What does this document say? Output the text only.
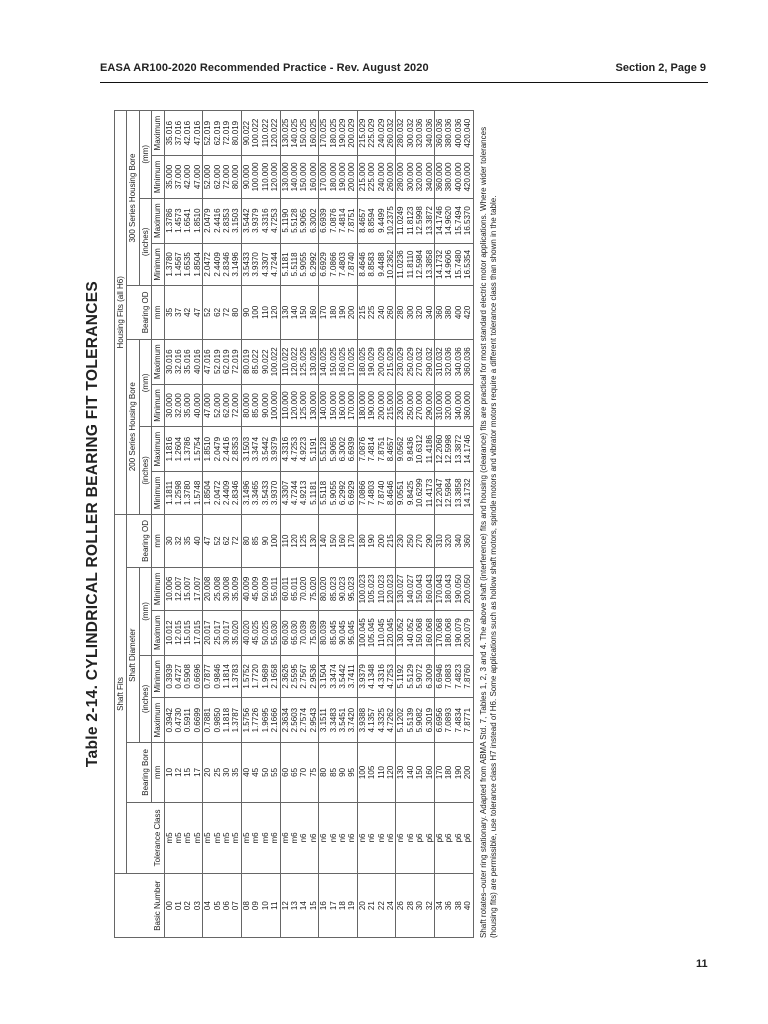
EASA AR100-2020 Recommended Practice - Rev. August 2020	Section 2, Page 9
Table 2-14. CYLINDRICAL ROLLER BEARING FIT TOLERANCES
Basic Number	Shaft Fits							Housing Fits (all H6)								
	Tolerance Class	Bearing Bore	Shaft Diameter				Bearing OD	200 Series Housing Bore				Bearing OD	300 Series Housing Bore			
			(inches)		(mm)			(inches)		(mm)			(inches)		(mm)	
		mm	Maximum	Minimum	Maximum	Minimum	mm	Minimum	Maximum	Minimum	Maximum	mm	Minimum	Maximum	Minimum	Maximum
00	m5	10	0.3942	0.3939	10.012	10.006	30	1.1811	1.1816	30.000	30.016	35	1.3780	1.3786	35.000	35.016
01	m5	12	0.4730	0.4727	12.015	12.007	32	1.2598	1.2604	32.000	32.016	37	1.4567	1.4573	37.000	37.016
02	m5	15	0.5911	0.5908	15.015	15.007	35	1.3780	1.3786	35.000	35.016	42	1.6535	1.6541	42.000	42.016
03	m5	17	0.6699	0.6696	17.015	17.007	40	1.5748	1.5754	40.000	40.016	47	1.8504	1.8510	47.000	47.016
04	m5	20	0.7881	0.7877	20.017	20.008	47	1.8504	1.8510	47.000	47.016	52	2.0472	2.0479	52.000	52.019
05	m5	25	0.9850	0.9846	25.017	25.008	52	2.0472	2.0479	52.000	52.019	62	2.4409	2.4416	62.000	62.019
06	m5	30	1.1818	1.1814	30.017	30.008	62	2.4409	2.4416	62.000	62.019	72	2.8346	2.8353	72.000	72.019
07	m5	35	1.3787	1.3783	35.020	35.009	72	2.8346	2.8353	72.000	72.019	80	3.1496	3.1503	80.000	80.019
08	m5	40	1.5756	1.5752	40.020	40.009	80	3.1496	3.1503	80.000	80.019	90	3.5433	3.5442	90.000	90.022
09	m6	45	1.7726	1.7720	45.025	45.009	85	3.3465	3.3474	85.000	85.022	100	3.9370	3.9379	100.000	100.022
10	m6	50	1.9695	1.9689	50.025	50.009	90	3.5433	3.5442	90.000	90.022	110	4.3307	4.3316	110.000	110.022
11	m6	55	2.1666	2.1658	55.030	55.011	100	3.9370	3.9379	100.000	100.022	120	4.7244	4.7253	120.000	120.022
12	m6	60	2.3634	2.3626	60.030	60.011	110	4.3307	4.3316	110.000	110.022	130	5.1181	5.1190	130.000	130.025
13	m6	65	2.5603	2.5595	65.030	65.011	120	4.7244	4.7253	120.000	120.022	140	5.5118	5.5128	140.000	140.025
14	n6	70	2.7574	2.7567	70.039	70.020	125	4.9213	4.9223	125.000	125.025	150	5.9055	5.9065	150.000	150.025
15	n6	75	2.9543	2.9536	75.039	75.020	130	5.1181	5.1191	130.000	130.025	160	6.2992	6.3002	160.000	160.025
16	n6	80	3.1511	3.1504	80.039	80.020	140	5.5118	5.5128	140.000	140.025	170	6.6929	6.6939	170.000	170.025
17	n6	85	3.3483	3.3474	85.045	85.023	150	5.9055	5.9065	150.000	150.025	180	7.0866	7.0876	180.000	180.025
18	n6	90	3.5451	3.5442	90.045	90.023	160	6.2992	6.3002	160.000	160.025	190	7.4803	7.4814	190.000	190.029
19	n6	95	3.7420	3.7411	95.045	95.023	170	6.6929	6.6939	170.000	170.025	200	7.8740	7.8751	200.000	200.029
20	n6	100	3.9388	3.9379	100.045	100.023	180	7.0866	7.0876	180.000	180.025	215	8.4646	8.4657	215.000	215.029
21	n6	105	4.1357	4.1348	105.045	105.023	190	7.4803	7.4814	190.000	190.029	225	8.8583	8.8594	225.000	225.029
22	n6	110	4.3325	4.3316	110.045	110.023	200	7.8740	7.8751	200.000	200.029	240	9.4488	9.4499	240.000	240.029
24	n6	120	4.7262	4.7253	120.045	120.023	215	8.4646	8.4657	215.000	215.029	260	10.2362	10.2375	260.000	260.032
26	n6	130	5.1202	5.1192	130.052	130.027	230	9.0551	9.0562	230.000	230.029	280	11.0236	11.0249	280.000	280.032
28	n6	140	5.5139	5.5129	140.052	140.027	250	9.8425	9.8436	250.000	250.029	300	11.8110	11.8123	300.000	300.032
30	p6	150	5.9082	5.9072	150.068	150.043	270	10.6299	10.6312	270.000	270.032	320	12.5984	12.5998	320.000	320.036
32	p6	160	6.3019	6.3009	160.068	160.043	290	11.4173	11.4186	290.000	290.032	340	13.3858	13.3872	340.000	340.036
34	p6	170	6.6956	6.6946	170.068	170.043	310	12.2047	12.2060	310.000	310.032	360	14.1732	14.1746	360.000	360.036
36	p6	180	7.0893	7.0883	180.068	180.043	320	12.5984	12.5998	320.000	320.036	380	14.9606	14.9620	380.000	380.036
38	p6	190	7.4834	7.4823	190.079	190.050	340	13.3858	13.3872	340.000	340.036	400	15.7480	15.7494	400.000	400.036
40	p6	200	7.8771	7.8760	200.079	200.050	360	14.1732	14.1746	360.000	360.036	420	16.5354	16.5370	420.000	420.040 Shaft rotates–outer ring stationary. Adapted from ABMA Std. 7, Tables 1, 2, 3 and 4. The above shaft (interference) fits and housing (clearance) fits are practical for most standard electric motor applications. Where wider tolerances (housing fits) are permissible, use tolerance class H7 instead of H6. Some applications such as hollow shaft motors, spindle motors and vibrator motors require a different tolerance class than shown in the table.
11
